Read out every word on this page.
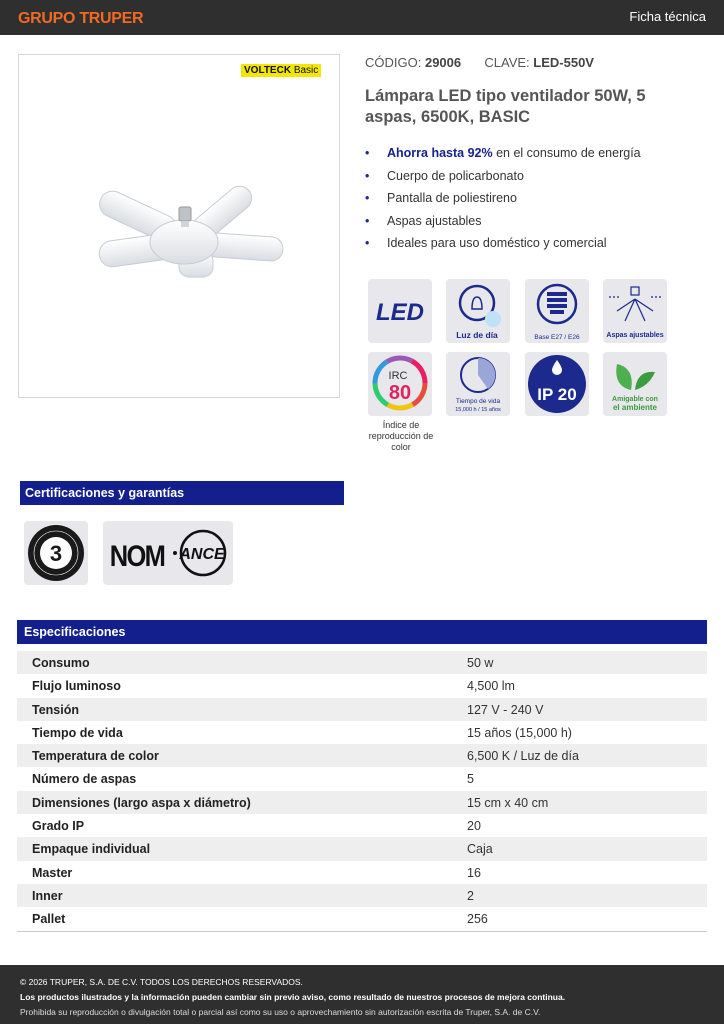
GRUPO TRUPER	Ficha técnica
VOLTECK Basic
CÓDIGO: 29006 CLAVE: LED-550V
Lámpara LED tipo ventilador 50W, 5 aspas, 6500K, BASIC
• Ahorra hasta 92% en el consumo de energía
• Cuerpo de policarbonato
• Pantalla de poliestireno
• Aspas ajustables
• Ideales para uso doméstico y comercial
LED
Luz de día	Base E27 / E26	Aspas ajustables
IRC
80
Índice de reproducción de color
Tiempo de vida
15,000 h / 15 años
IP 20	Amigable con
el ambiente
Certificaciones y garantías
3 NOM ANCE
Especificaciones
Consumo	50 w
Flujo luminoso	4,500 lm
Tensión	127 V - 240 V
Tiempo de vida	15 años (15,000 h)
Temperatura de color	6,500 K / Luz de día
Número de aspas	5
Dimensiones (largo aspa x diámetro)	15 cm x 40 cm
Grado IP	20
Empaque individual	Caja
Master	16
Inner	2
Pallet	256
© 2026 TRUPER, S.A. DE C.V. TODOS LOS DERECHOS RESERVADOS.
Los productos ilustrados y la información pueden cambiar sin previo aviso, como resultado de nuestros procesos de mejora continua.
Prohibida su reproducción o divulgación total o parcial así como su uso o aprovechamiento sin autorización escrita de Truper, S.A. de C.V.
